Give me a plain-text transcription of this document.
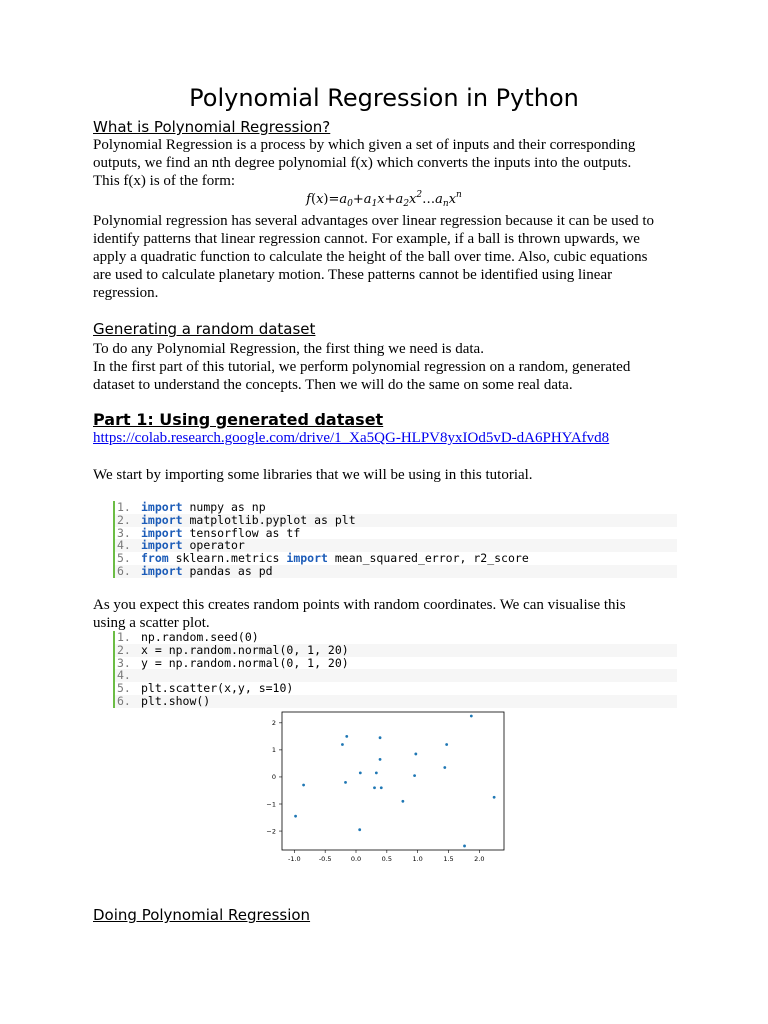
Polynomial Regression in Python
What is Polynomial Regression?
Polynomial Regression is a process by which given a set of inputs and their corresponding
outputs, we find an nth degree polynomial f(x) which converts the inputs into the outputs.
This f(x) is of the form:
$f(x)=a_0+a_1x+a_2x^2\dots a_nx^n$
Polynomial regression has several advantages over linear regression because it can be used to
identify patterns that linear regression cannot. For example, if a ball is thrown upwards, we
apply a quadratic function to calculate the height of the ball over time. Also, cubic equations
are used to calculate planetary motion. These patterns cannot be identified using linear
regression.
Generating a random dataset
To do any Polynomial Regression, the first thing we need is data.
In the first part of this tutorial, we perform polynomial regression on a random, generated
dataset to understand the concepts. Then we will do the same on some real data.
Part 1: Using generated dataset
https://colab.research.google.com/drive/1_Xa5QG-HLPV8yxIOd5vD-dA6PHYAfvd8
We start by importing some libraries that we will be using in this tutorial.
1. import numpy as np
2. import matplotlib.pyplot as plt
3. import tensorflow as tf
4. import operator
5. from sklearn.metrics import mean_squared_error, r2_score
6. import pandas as pd
As you expect this creates random points with random coordinates. We can visualise this
using a scatter plot.
1. np.random.seed(0)
2. x = np.random.normal(0, 1, 20)
3. y = np.random.normal(0, 1, 20)
4.
5. plt.scatter(x,y, s=10)
6. plt.show()
-1.0	-0.5	0.0	0.5	1.0	1.5	2.0
2
1
0
−1
−2
Doing Polynomial Regression
